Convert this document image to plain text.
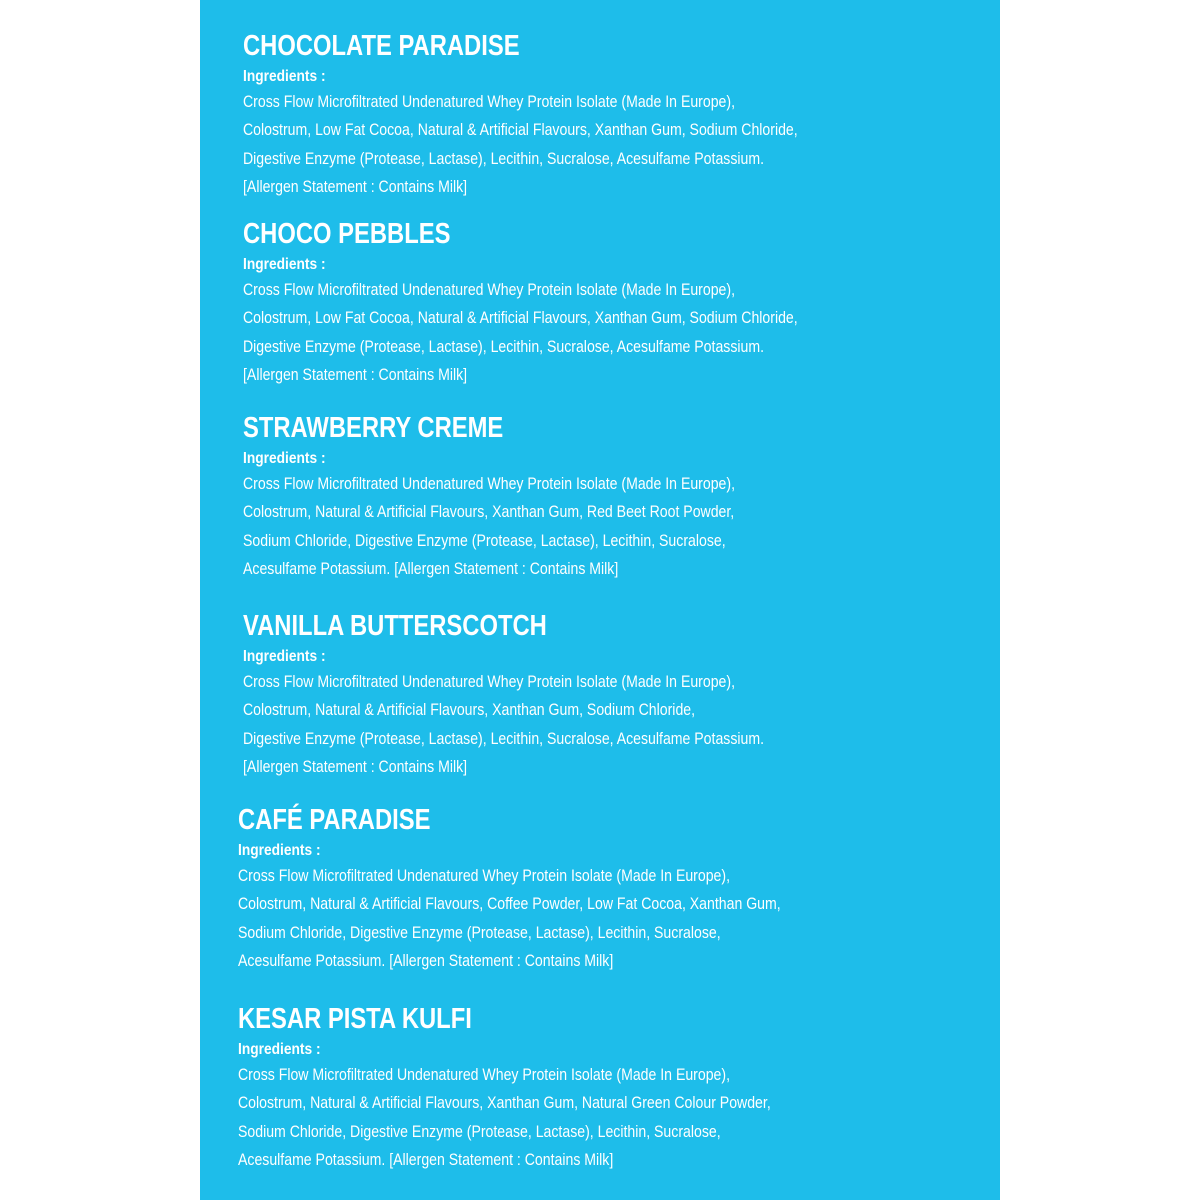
CHOCOLATE PARADISE
Ingredients :
Cross Flow Microfiltrated Undenatured Whey Protein Isolate (Made In Europe),
Colostrum, Low Fat Cocoa, Natural & Artificial Flavours, Xanthan Gum, Sodium Chloride,
Digestive Enzyme (Protease, Lactase), Lecithin, Sucralose, Acesulfame Potassium.
[Allergen Statement : Contains Milk]
CHOCO PEBBLES
Ingredients :
Cross Flow Microfiltrated Undenatured Whey Protein Isolate (Made In Europe),
Colostrum, Low Fat Cocoa, Natural & Artificial Flavours, Xanthan Gum, Sodium Chloride,
Digestive Enzyme (Protease, Lactase), Lecithin, Sucralose, Acesulfame Potassium.
[Allergen Statement : Contains Milk]
STRAWBERRY CREME
Ingredients :
Cross Flow Microfiltrated Undenatured Whey Protein Isolate (Made In Europe),
Colostrum, Natural & Artificial Flavours, Xanthan Gum, Red Beet Root Powder,
Sodium Chloride, Digestive Enzyme (Protease, Lactase), Lecithin, Sucralose,
Acesulfame Potassium. [Allergen Statement : Contains Milk]
VANILLA BUTTERSCOTCH
Ingredients :
Cross Flow Microfiltrated Undenatured Whey Protein Isolate (Made In Europe),
Colostrum, Natural & Artificial Flavours, Xanthan Gum, Sodium Chloride,
Digestive Enzyme (Protease, Lactase), Lecithin, Sucralose, Acesulfame Potassium.
[Allergen Statement : Contains Milk]
CAFÉ PARADISE
Ingredients :
Cross Flow Microfiltrated Undenatured Whey Protein Isolate (Made In Europe),
Colostrum, Natural & Artificial Flavours, Coffee Powder, Low Fat Cocoa, Xanthan Gum,
Sodium Chloride, Digestive Enzyme (Protease, Lactase), Lecithin, Sucralose,
Acesulfame Potassium. [Allergen Statement : Contains Milk]
KESAR PISTA KULFI
Ingredients :
Cross Flow Microfiltrated Undenatured Whey Protein Isolate (Made In Europe),
Colostrum, Natural & Artificial Flavours, Xanthan Gum, Natural Green Colour Powder,
Sodium Chloride, Digestive Enzyme (Protease, Lactase), Lecithin, Sucralose,
Acesulfame Potassium. [Allergen Statement : Contains Milk]
